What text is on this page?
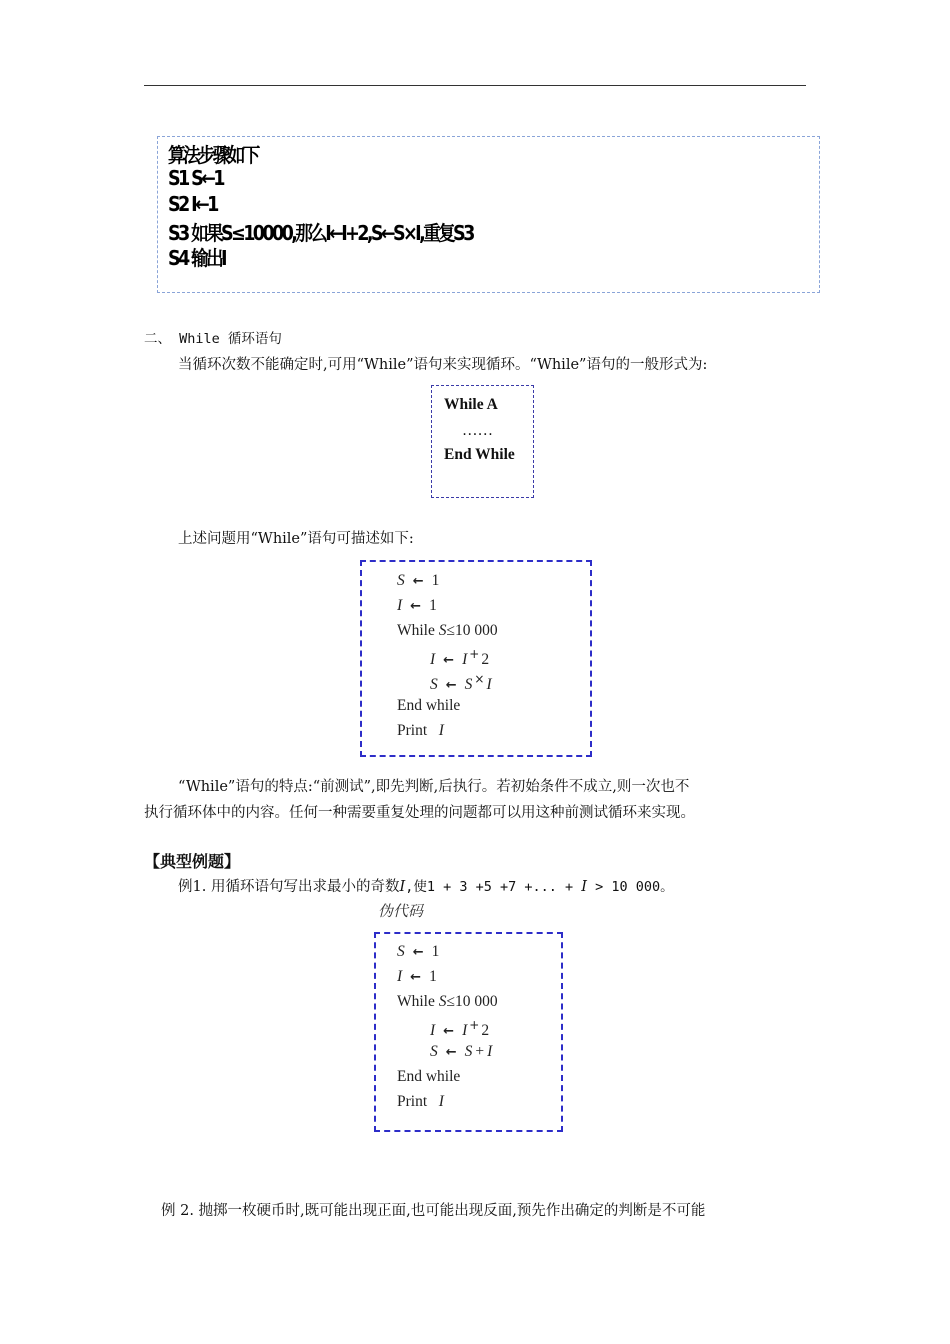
算法步骤如下
S1 S←1
S2 I←1
S3 如果S≤10000,那么I←I+2,S←S×I,重复S3
S4 输出I
二、 While 循环语句
当循环次数不能确定时,可用“While”语句来实现循环。“While”语句的一般形式为:
While A
……
End While
上述问题用“While”语句可描述如下:
S ← 1
I ← 1
While S≤10 000
I ← I + 2
S ← S × I
End while
Print I
“While”语句的特点:“前测试”,即先判断,后执行。若初始条件不成立,则一次也不
执行循环体中的内容。任何一种需要重复处理的问题都可以用这种前测试循环来实现。
【典型例题】
例1. 用循环语句写出求最小的奇数I,使1 + 3 +5 +7 +... + I > 10 000。
伪代码
S ← 1
I ← 1
While S≤10 000
I ← I + 2
S ← S + I
End while
Print I
例 2. 抛掷一枚硬币时,既可能出现正面,也可能出现反面,预先作出确定的判断是不可能
